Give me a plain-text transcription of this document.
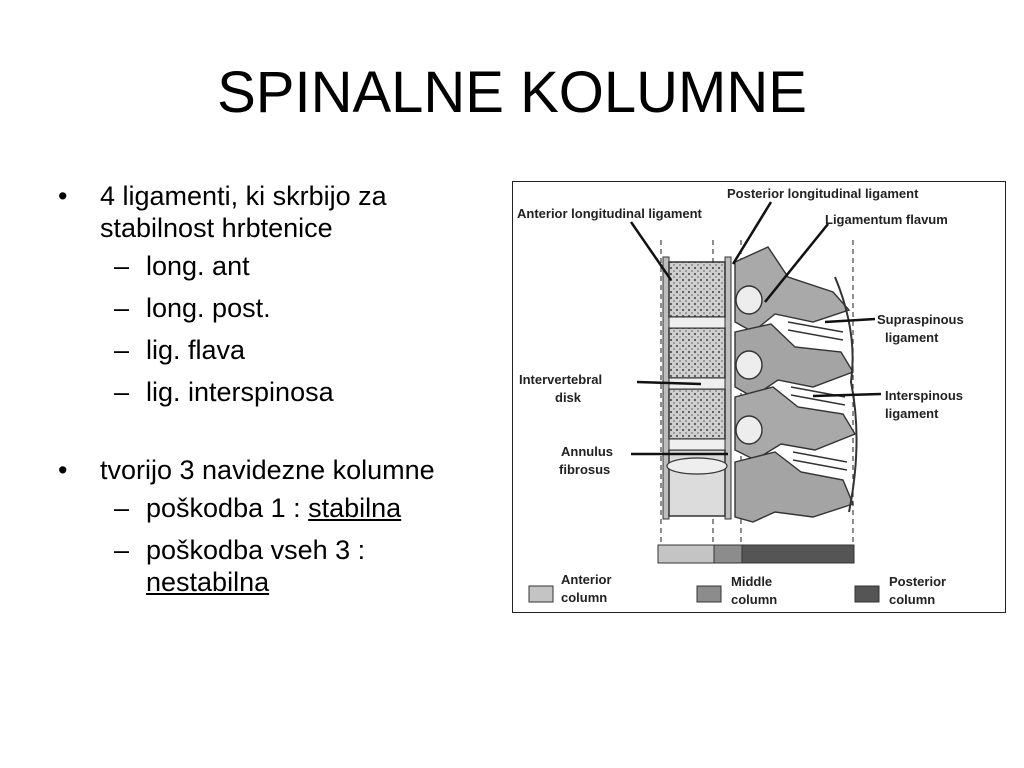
SPINALNE KOLUMNE
•	4 ligamenti, ki skrbijo za stabilnost hrbtenice
– long. ant
– long. post.
– lig. flava
– lig. interspinosa
•	tvorijo 3 navidezne kolumne
– poškodba 1 : stabilna
– poškodba vseh 3 : nestabilna
Posterior longitudinal ligament
Anterior longitudinal ligament	Ligamentum flavum
Supraspinous
ligament
Intervertebral
disk	Interspinous
ligament
Annulus
fibrosus
Anterior
column
Middle
column
Posterior
column
